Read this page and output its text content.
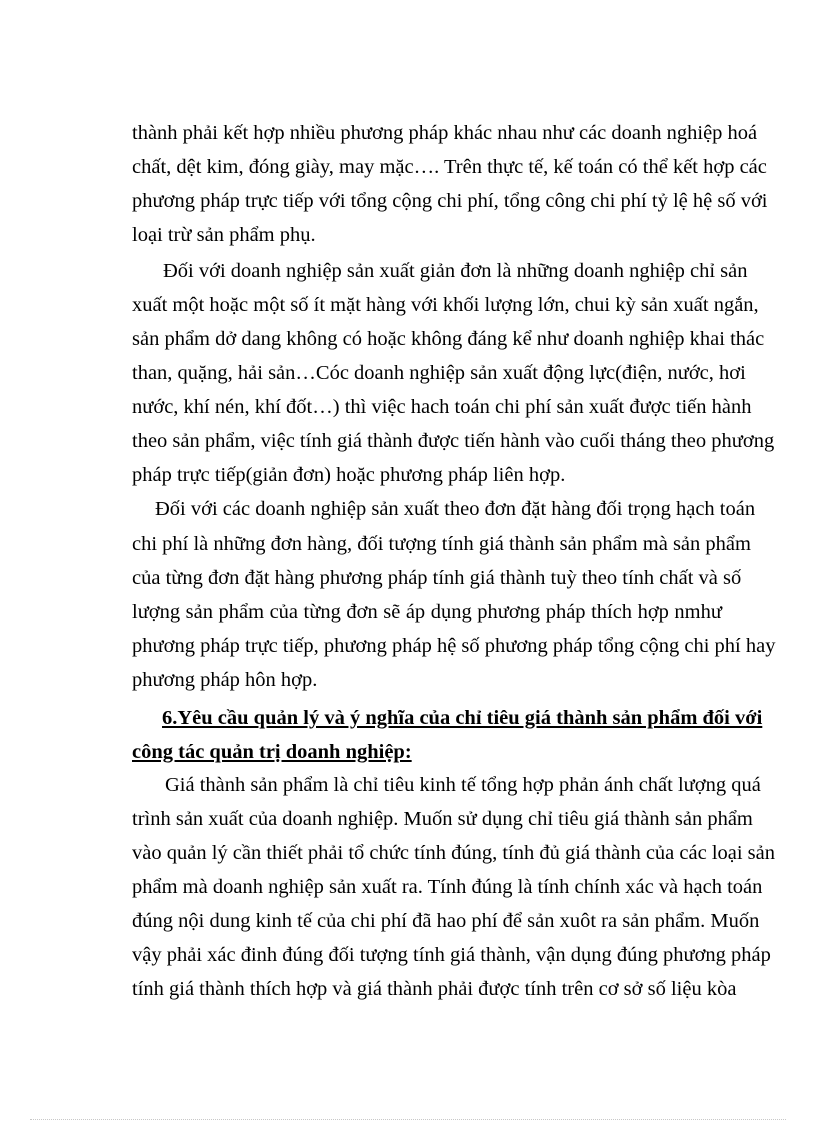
thành phải kết hợp nhiều phương pháp khác nhau như các doanh nghiệp hoá
chất, dệt kim, đóng giày, may mặc…. Trên thực tế, kế toán có thể kết hợp các
phương pháp trực tiếp với tổng cộng chi phí, tổng công chi phí tỷ lệ hệ số với
loại trừ sản phẩm phụ.
Đối với doanh nghiệp sản xuất giản đơn là những doanh nghiệp chỉ sản
xuất một hoặc một số ít mặt hàng với khối lượng lớn, chui kỳ sản xuất ngắn,
sản phẩm dở dang không có hoặc không đáng kể như doanh nghiệp khai thác
than, quặng, hải sản…Cóc doanh nghiệp sản xuất động lực(điện, nước, hơi
nước, khí nén, khí đốt…) thì việc hach toán chi phí sản xuất được tiến hành
theo sản phẩm, việc tính giá thành được tiến hành vào cuối tháng theo phương
pháp trực tiếp(giản đơn) hoặc phương pháp liên hợp.
Đối với các doanh nghiệp sản xuất theo đơn đặt hàng đối trọng hạch toán
chi phí là những đơn hàng, đối tượng tính giá thành sản phẩm mà sản phẩm
của từng đơn đặt hàng phương pháp tính giá thành tuỳ theo tính chất và số
lượng sản phẩm của từng đơn sẽ áp dụng phương pháp thích hợp nmhư
phương pháp trực tiếp, phương pháp hệ số phương pháp tổng cộng chi phí hay
phương pháp hôn hợp.
6.Yêu cầu quản lý và ý nghĩa của chỉ tiêu giá thành sản phẩm đối với
công tác quản trị doanh nghiệp:
Giá thành sản phẩm là chỉ tiêu kinh tế tổng hợp phản ánh chất lượng quá
trình sản xuất của doanh nghiệp. Muốn sử dụng chỉ tiêu giá thành sản phẩm
vào quản lý cần thiết phải tổ chức tính đúng, tính đủ giá thành của các loại sản
phẩm mà doanh nghiệp sản xuất ra. Tính đúng là tính chính xác và hạch toán
đúng nội dung kinh tế của chi phí đã hao phí để sản xuôt ra sản phẩm. Muốn
vậy phải xác đinh đúng đối tượng tính giá thành, vận dụng đúng phương pháp
tính giá thành thích hợp và giá thành phải được tính trên cơ sở số liệu kòa
